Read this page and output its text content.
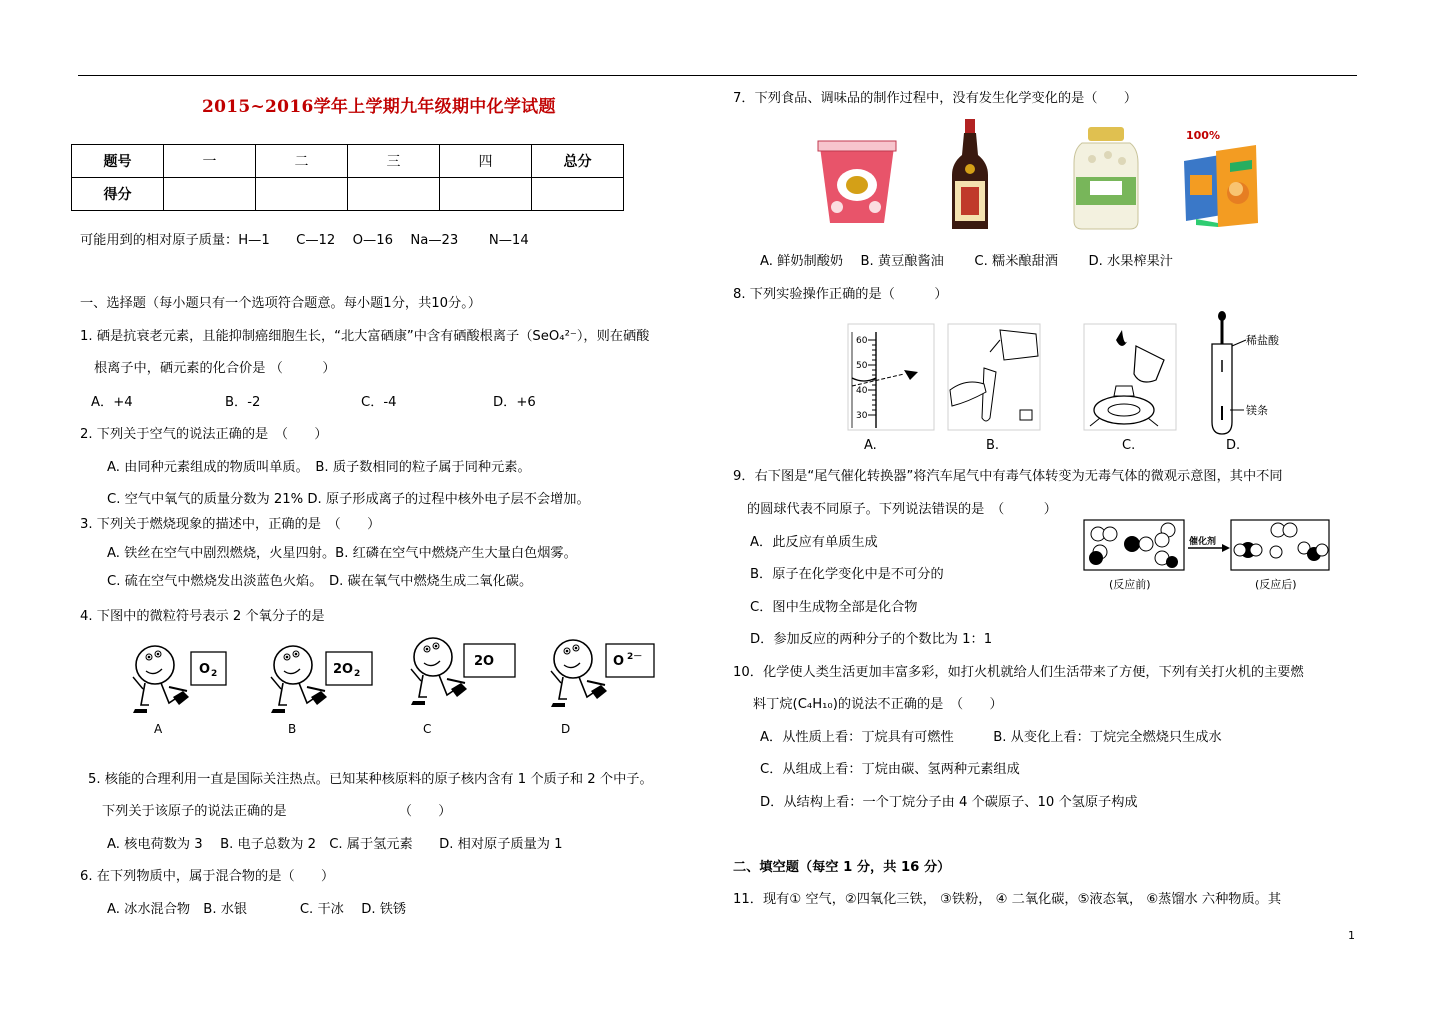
2015~2016学年上学期九年级期中化学试题
题号	一	二	三	四	总分
得分					
可能用到的相对原子质量：H—1　　C—12　 O—16　 Na—23　　 N—14
一、选择题（每小题只有一个选项符合题意。每小题1分，共10分。）
1. 硒是抗衰老元素，且能抑制癌细胞生长，“北大富硒康”中含有硒酸根离子（SeO₄²⁻），则在硒酸
根离子中，硒元素的化合价是 （　　　）
A．+4	B．-2	C．-4	D．+6
2. 下列关于空气的说法正确的是　（　　）
A. 由同种元素组成的物质叫单质。　B. 质子数相同的粒子属于同种元素。
C. 空气中氧气的质量分数为 21% D. 原子形成离子的过程中核外电子层不会增加。
3. 下列关于燃烧现象的描述中，正确的是　（　　）
A. 铁丝在空气中剧烈燃烧，火星四射。B. 红磷在空气中燃烧产生大量白色烟雾。
C. 硫在空气中燃烧发出淡蓝色火焰。　D. 碳在氧气中燃烧生成二氧化碳。
4. 下图中的微粒符号表示 2 个氧分子的是
O 2
A
2O 2
B
2O
C
O 2－
D
5. 核能的合理利用一直是国际关注热点。已知某种核原料的原子核内含有 1 个质子和 2 个中子。
下列关于该原子的说法正确的是　　　　　　　　　（　　）
A. 核电荷数为 3　 B. 电子总数为 2　C. 属于氢元素　　D. 相对原子质量为 1
6. 在下列物质中，属于混合物的是（　　）
A. 冰水混合物　B. 水银　　　　C. 干冰　 D. 铁锈
7．下列食品、调味品的制作过程中，没有发生化学变化的是（　　）
100%
A. 鲜奶制酸奶　 B. 黄豆酿酱油　　 C. 糯米酿甜酒　　 D. 水果榨果汁
8. 下列实验操作正确的是（　　　）
60
50
40
30
A.	B.	C.
稀盐酸
镁条
D.
9．右下图是“尾气催化转换器”将汽车尾气中有毒气体转变为无毒气体的微观示意图，其中不同
的圆球代表不同原子。下列说法错误的是　（　　　）
A．此反应有单质生成
B．原子在化学变化中是不可分的
C．图中生成物全部是化合物
D．参加反应的两种分子的个数比为 1：1
催化剂
(反应前)	(反应后)
10．化学使人类生活更加丰富多彩，如打火机就给人们生活带来了方便，下列有关打火机的主要燃
料丁烷(C₄H₁₀)的说法不正确的是　（　　）
A．从性质上看：丁烷具有可燃性　　　B. 从变化上看：丁烷完全燃烧只生成水
C．从组成上看：丁烷由碳、氢两种元素组成
D．从结构上看：一个丁烷分子由 4 个碳原子、10 个氢原子构成
二、填空题（每空 1 分，共 16 分）
11．现有① 空气，②四氧化三铁， ③铁粉， ④ 二氧化碳，⑤液态氧， ⑥蒸馏水 六种物质。其
1
